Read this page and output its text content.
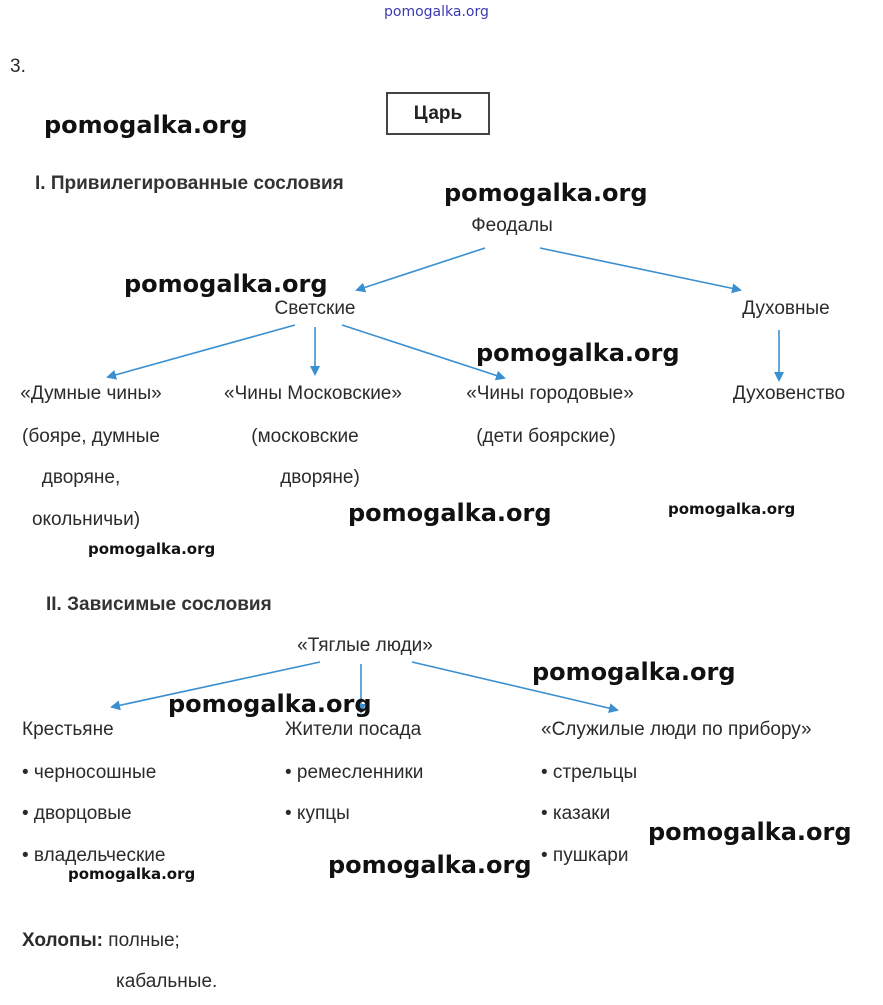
pomogalka.org
3.
Царь
I. Привилегированные сословия
Феодалы
Светские	Духовные
Духовенство
«Думные чины»
(бояре, думные
дворяне,
окольничьи)
«Чины Московские»
(московские
дворяне)
«Чины городовые»
(дети боярские)
II. Зависимые сословия
«Тяглые люди»
Крестьяне
• черносошные
• дворцовые
• владельческие
Жители посада
• ремесленники
• купцы
«Служилые люди по прибору»
• стрельцы
• казаки
• пушкари
Холопы: полные;
кабальные.
pomogalka.org
pomogalka.org
pomogalka.org
pomogalka.org
pomogalka.org	pomogalka.org
pomogalka.org
pomogalka.org
pomogalka.org
pomogalka.org
pomogalka.org
pomogalka.org
